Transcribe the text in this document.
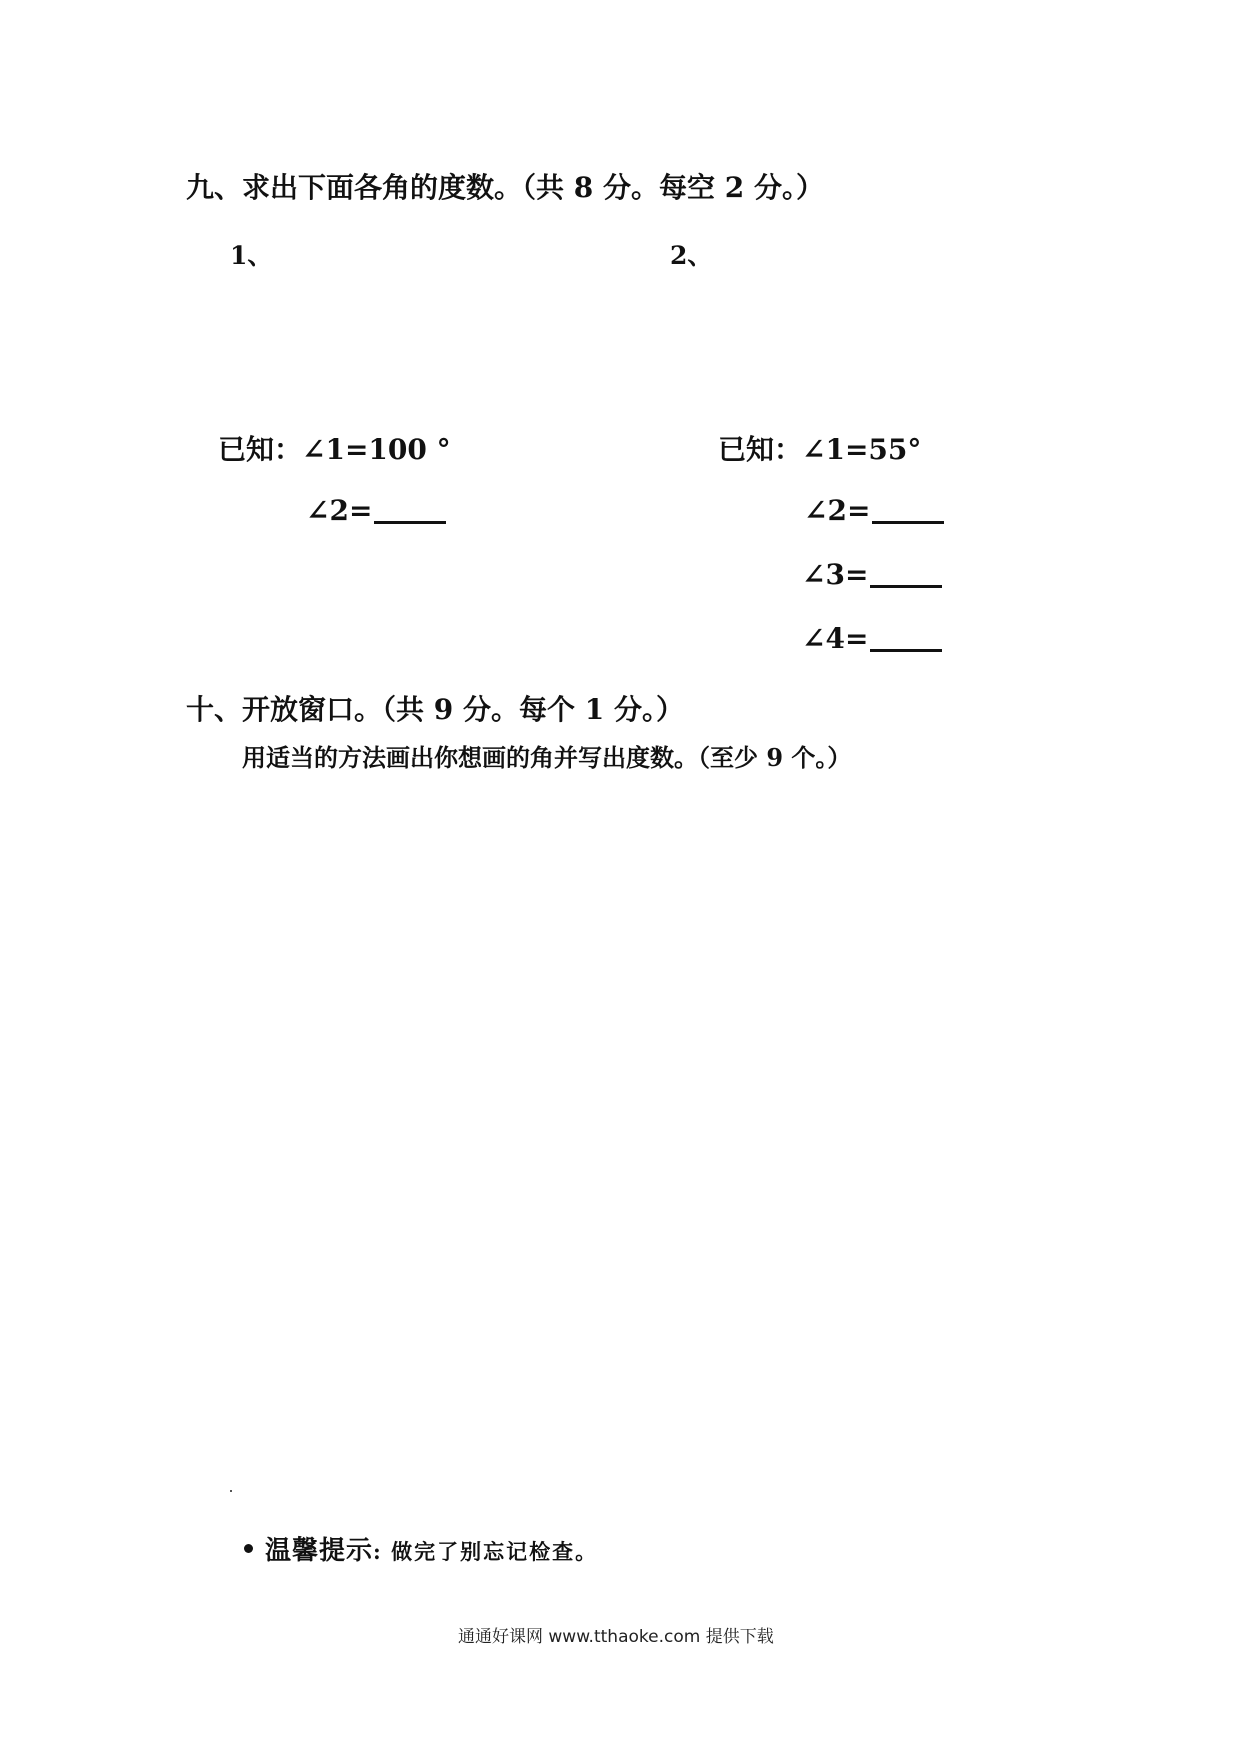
九、求出下面各角的度数。（共 8 分。每空 2 分。）
1、	2、
已知：∠1=100 °
∠2=
已知：∠1=55°
∠2=
∠3=
∠4=
十、开放窗口。（共 9 分。每个 1 分。）
用适当的方法画出你想画的角并写出度数。（至少 9 个。）
温馨提示: 做完了别忘记检查。
通通好课网 www.tthaoke.com 提供下载
